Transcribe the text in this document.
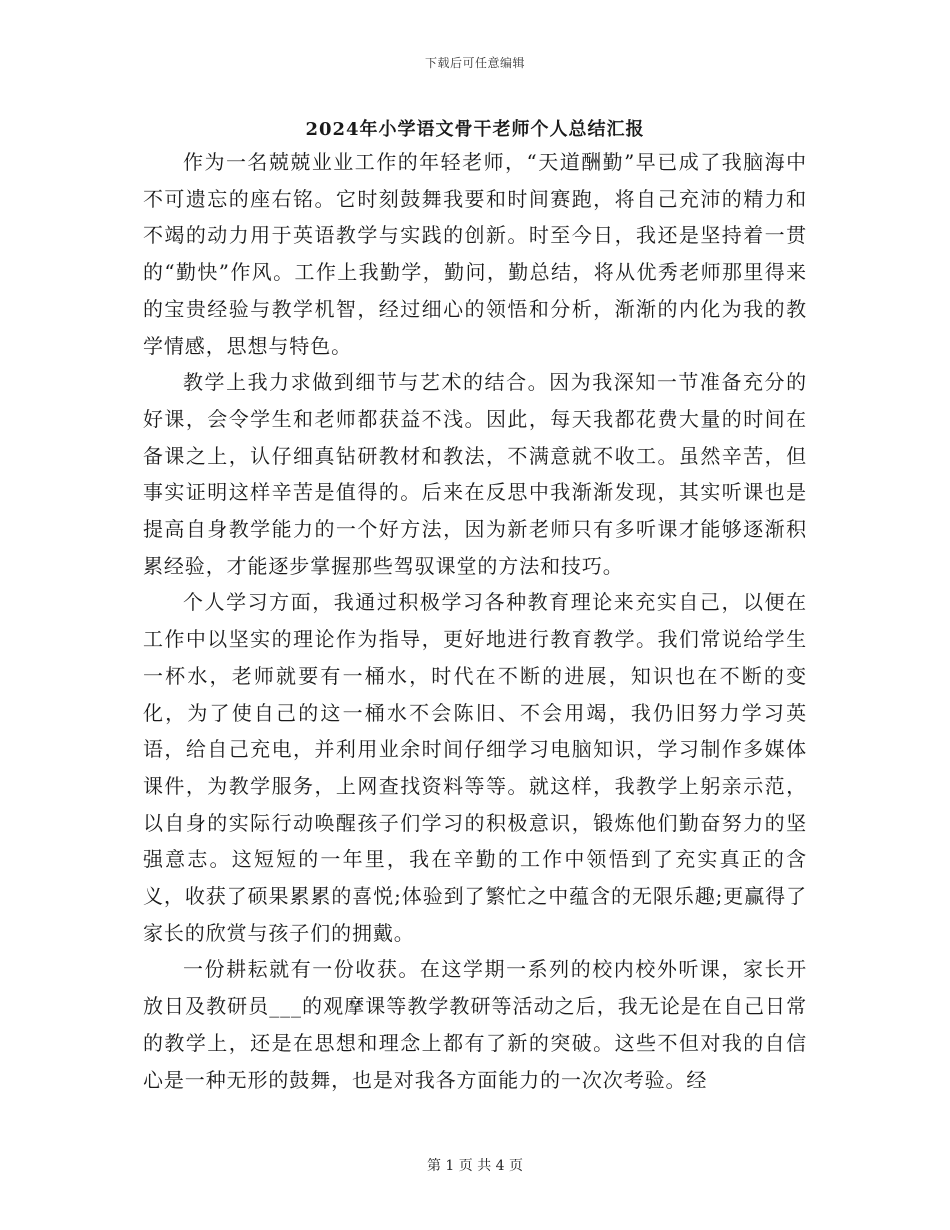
下载后可任意编辑
2024年小学语文骨干老师个人总结汇报

作为一名兢兢业业工作的年轻老师，“天道酬勤”早已成了我脑海中不可遗忘的座右铭。它时刻鼓舞我要和时间赛跑，将自己充沛的精力和不竭的动力用于英语教学与实践的创新。时至今日，我还是坚持着一贯的“勤快”作风。工作上我勤学，勤问，勤总结，将从优秀老师那里得来的宝贵经验与教学机智，经过细心的领悟和分析，渐渐的内化为我的教学情感，思想与特色。

教学上我力求做到细节与艺术的结合。因为我深知一节准备充分的好课，会令学生和老师都获益不浅。因此，每天我都花费大量的时间在备课之上，认仔细真钻研教材和教法，不满意就不收工。虽然辛苦，但事实证明这样辛苦是值得的。后来在反思中我渐渐发现，其实听课也是提高自身教学能力的一个好方法，因为新老师只有多听课才能够逐渐积累经验，才能逐步掌握那些驾驭课堂的方法和技巧。

个人学习方面，我通过积极学习各种教育理论来充实自己，以便在工作中以坚实的理论作为指导，更好地进行教育教学。我们常说给学生一杯水，老师就要有一桶水，时代在不断的进展，知识也在不断的变化，为了使自己的这一桶水不会陈旧、不会用竭，我仍旧努力学习英语，给自己充电，并利用业余时间仔细学习电脑知识，学习制作多媒体课件，为教学服务，上网查找资料等等。就这样，我教学上躬亲示范，以自身的实际行动唤醒孩子们学习的积极意识，锻炼他们勤奋努力的坚强意志。这短短的一年里，我在辛勤的工作中领悟到了充实真正的含义，收获了硕果累累的喜悦;体验到了繁忙之中蕴含的无限乐趣;更赢得了家长的欣赏与孩子们的拥戴。

一份耕耘就有一份收获。在这学期一系列的校内校外听课，家长开放日及教研员___的观摩课等教学教研等活动之后，我无论是在自己日常的教学上，还是在思想和理念上都有了新的突破。这些不但对我的自信心是一种无形的鼓舞，也是对我各方面能力的一次次考验。经

第 1 页 共 4 页
